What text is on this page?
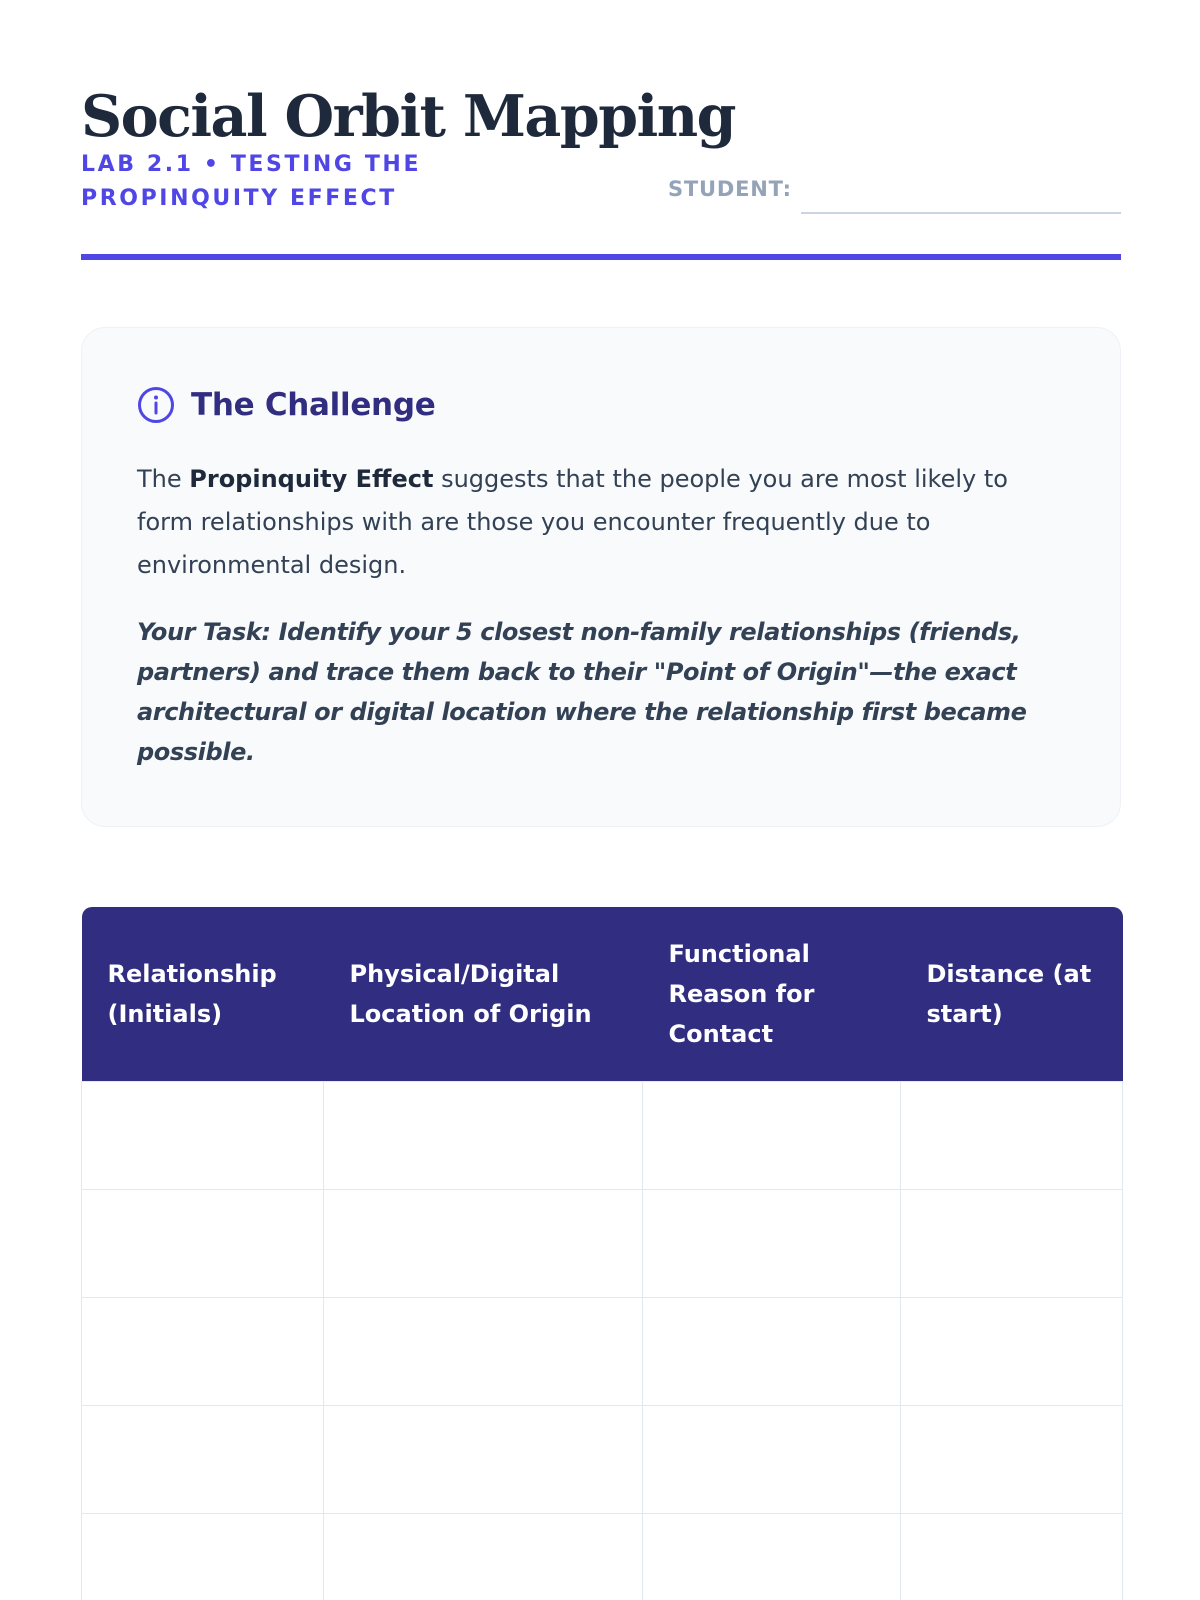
Social Orbit Mapping
LAB 2.1 • TESTING THE PROPINQUITY EFFECT	STUDENT:
The Challenge

The Propinquity Effect suggests that the people you are most likely to form relationships with are those you encounter frequently due to environmental design.

Your Task: Identify your 5 closest non-family relationships (friends, partners) and trace them back to their "Point of Origin"—the exact architectural or digital location where the relationship first became possible.

Relationship (Initials)	Physical/Digital Location of Origin	Functional Reason for Contact	Distance (at start)
